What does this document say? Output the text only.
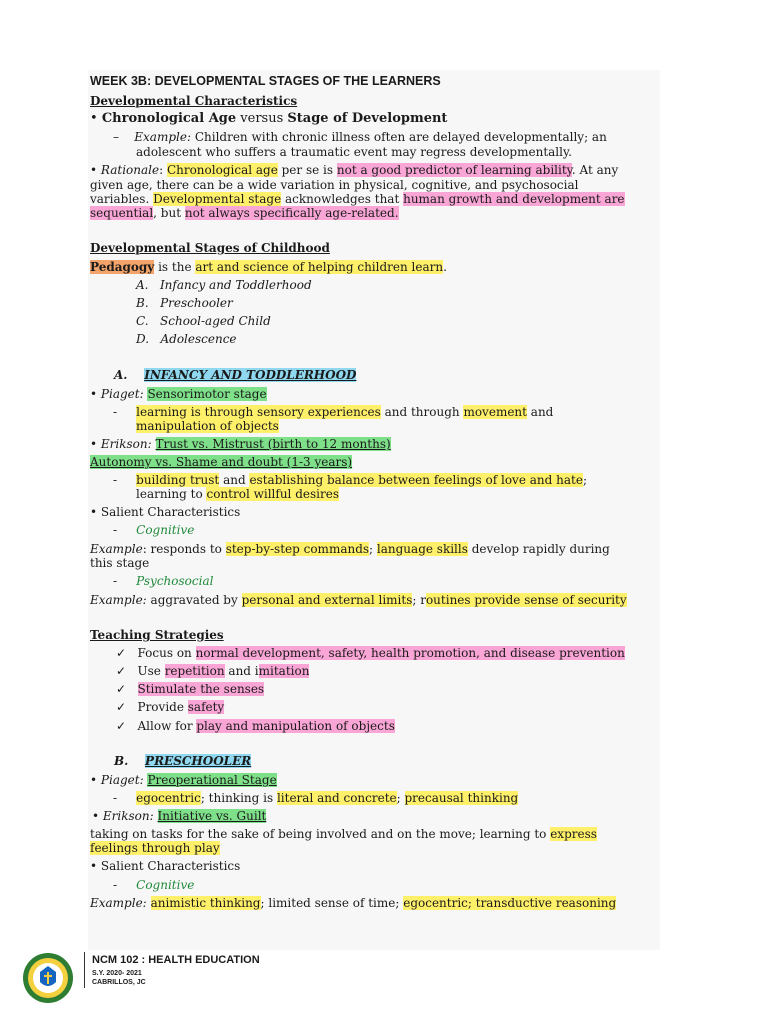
WEEK 3B: DEVELOPMENTAL STAGES OF THE LEARNERS
Developmental Characteristics
• Chronological Age versus Stage of Development
–    Example: Children with chronic illness often are delayed developmentally; an
adolescent who suffers a traumatic event may regress developmentally.
• Rationale: Chronological age per se is not a good predictor of learning ability. At any
given age, there can be a wide variation in physical, cognitive, and psychosocial
variables. Developmental stage acknowledges that human growth and development are
sequential, but not always specifically age-related.
Developmental Stages of Childhood
Pedagogy is the art and science of helping children learn.
A. Infancy and Toddlerhood
B. Preschooler
C. School-aged Child
D. Adolescence
A. INFANCY AND TODDLERHOOD
• Piaget: Sensorimotor stage
-     learning is through sensory experiences and through movement and
manipulation of objects
• Erikson: Trust vs. Mistrust (birth to 12 months)
Autonomy vs. Shame and doubt (1-3 years)
-     building trust and establishing balance between feelings of love and hate;
learning to control willful desires
• Salient Characteristics
-     Cognitive
Example: responds to step-by-step commands; language skills develop rapidly during
this stage
-     Psychosocial
Example: aggravated by personal and external limits; routines provide sense of security
Teaching Strategies
✓   Focus on normal development, safety, health promotion, and disease prevention
✓   Use repetition and imitation
✓   Stimulate the senses
✓   Provide safety
✓   Allow for play and manipulation of objects
B. PRESCHOOLER
• Piaget: Preoperational Stage
-     egocentric; thinking is literal and concrete; precausal thinking
• Erikson: Initiative vs. Guilt
taking on tasks for the sake of being involved and on the move; learning to express
feelings through play
• Salient Characteristics
-     Cognitive
Example: animistic thinking; limited sense of time; egocentric; transductive reasoning
NCM 102 : HEALTH EDUCATION
S.Y. 2020- 2021
CABRILLOS, JC
